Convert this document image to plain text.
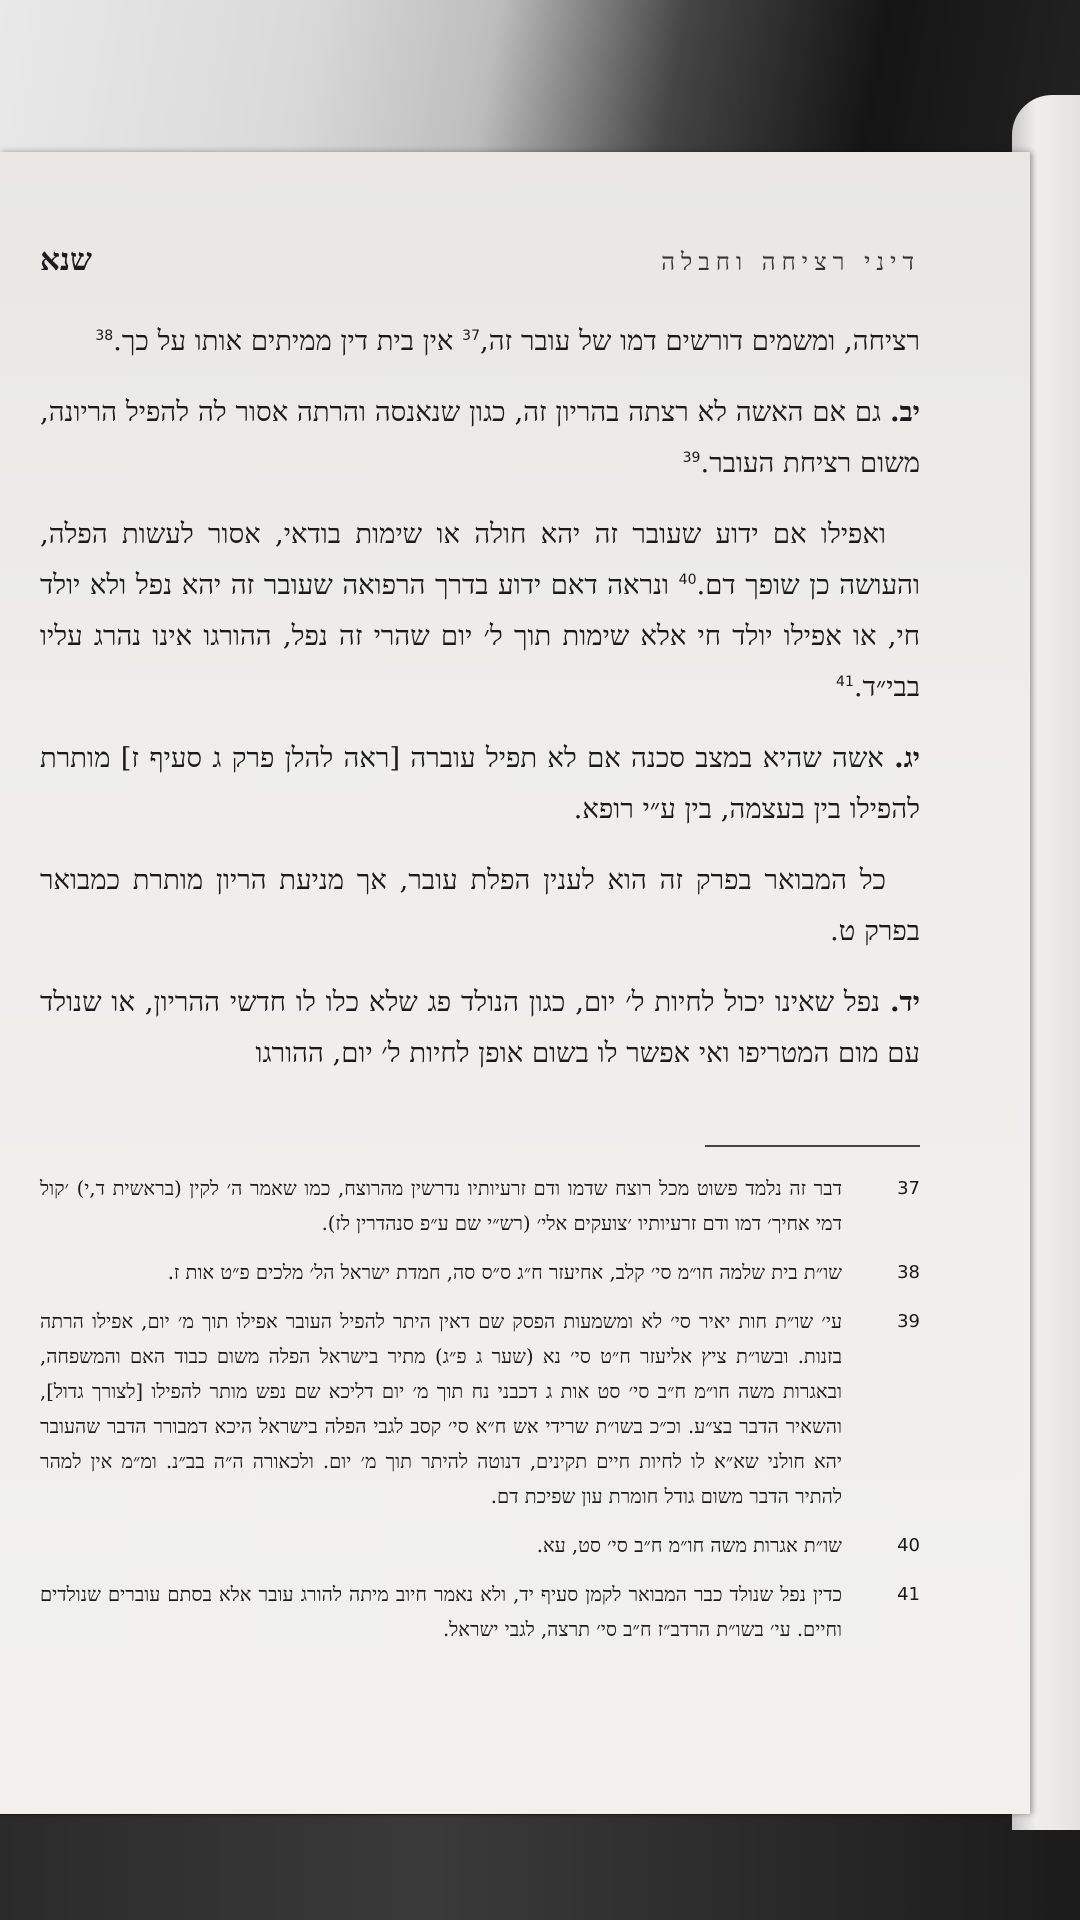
דיני רציחה וחבלה
שנא

רציחה, ומשמים דורשים דמו של עובר זה,$^{37}$ אין בית דין ממיתים אותו על כך.$^{38}$

יב. גם אם האשה לא רצתה בהריון זה, כגון שנאנסה והרתה אסור לה להפיל הריונה, משום רציחת העובר.$^{39}$

ואפילו אם ידוע שעובר זה יהא חולה או שימות בודאי, אסור לעשות הפלה, והעושה כן שופך דם.$^{40}$ ונראה דאם ידוע בדרך הרפואה שעובר זה יהא נפל ולא יולד חי, או אפילו יולד חי אלא שימות תוך ל׳ יום שהרי זה נפל, ההורגו אינו נהרג עליו בבי״ד.$^{41}$

יג. אשה שהיא במצב סכנה אם לא תפיל עוברה [ראה להלן פרק ג סעיף ז] מותרת להפילו בין בעצמה, בין ע״י רופא.

כל המבואר בפרק זה הוא לענין הפלת עובר, אך מניעת הריון מותרת כמבואר בפרק ט.

יד. נפל שאינו יכול לחיות ל׳ יום, כגון הנולד פג שלא כלו לו חדשי ההריון, או שנולד עם מום המטריפו ואי אפשר לו בשום אופן לחיות ל׳ יום, ההורגו

37
דבר זה נלמד פשוט מכל רוצח שדמו ודם זרעיותיו נדרשין מהרוצח, כמו שאמר ה׳ לקין (בראשית ד,י) ׳קול דמי אחיך׳ דמו ודם זרעיותיו ׳צועקים אלי׳ (רש״י שם ע״פ סנהדרין לז).
38
שו״ת בית שלמה חו״מ סי׳ קלב, אחיעזר ח״ג ס״ס סה, חמדת ישראל הל׳ מלכים פ״ט אות ז.
39
עי׳ שו״ת חות יאיר סי׳ לא ומשמעות הפסק שם דאין היתר להפיל העובר אפילו תוך מ׳ יום, אפילו הרתה בזנות. ובשו״ת ציץ אליעזר ח״ט סי׳ נא (שער ג פ״ג) מתיר בישראל הפלה משום כבוד האם והמשפחה, ובאגרות משה חו״מ ח״ב סי׳ סט אות ג דכבני נח תוך מ׳ יום דליכא שם נפש מותר להפילו [לצורך גדול], והשאיר הדבר בצ״ע. וכ״כ בשו״ת שרידי אש ח״א סי׳ קסב לגבי הפלה בישראל היכא דמבורר הדבר שהעובר יהא חולני שא״א לו לחיות חיים תקינים, דנוטה להיתר תוך מ׳ יום. ולכאורה ה״ה בב״נ. ומ״מ אין למהר להתיר הדבר משום גודל חומרת עון שפיכת דם.
40
שו״ת אגרות משה חו״מ ח״ב סי׳ סט, עא.
41
כדין נפל שנולד כבר המבואר לקמן סעיף יד, ולא נאמר חיוב מיתה להורג עובר אלא בסתם עוברים שנולדים וחיים. עי׳ בשו״ת הרדב״ז ח״ב סי׳ תרצה, לגבי ישראל.
